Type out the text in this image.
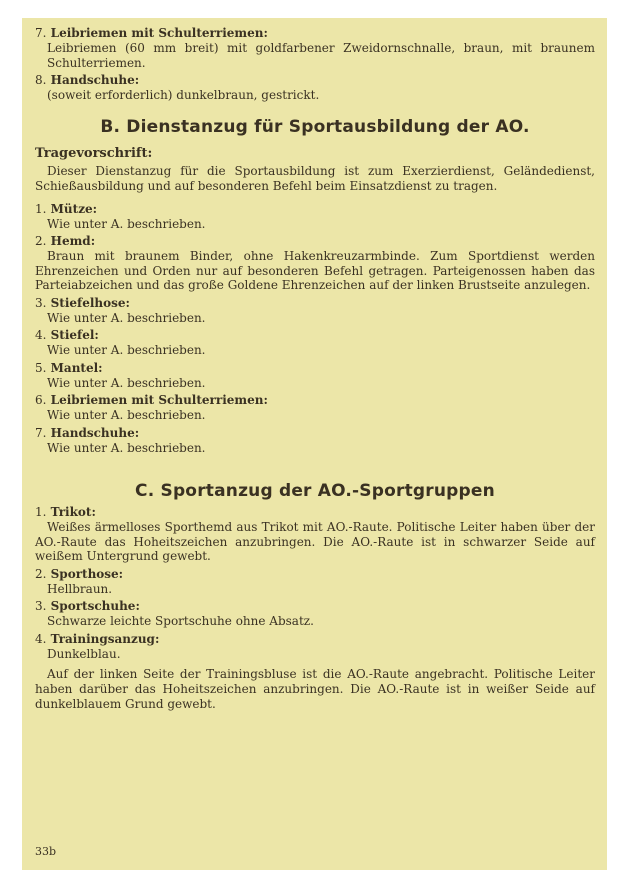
7. Leibriemen mit Schulterriemen:
Leibriemen (60 mm breit) mit goldfarbener Zweidornschnalle, braun, mit braunem Schulterriemen.
8. Handschuhe:
(soweit erforderlich) dunkelbraun, gestrickt.
B. Dienstanzug für Sportausbildung der AO.
Tragevorschrift:
Dieser Dienstanzug für die Sportausbildung ist zum Exerzierdienst, Geländedienst, Schießausbildung und auf besonderen Befehl beim Einsatzdienst zu tragen.
1. Mütze:
Wie unter A. beschrieben.
2. Hemd:
Braun mit braunem Binder, ohne Hakenkreuzarmbinde. Zum Sportdienst werden Ehrenzeichen und Orden nur auf besonderen Befehl getragen. Parteigenossen haben das Parteiabzeichen und das große Goldene Ehrenzeichen auf der linken Brustseite anzulegen.
3. Stiefelhose:
Wie unter A. beschrieben.
4. Stiefel:
Wie unter A. beschrieben.
5. Mantel:
Wie unter A. beschrieben.
6. Leibriemen mit Schulterriemen:
Wie unter A. beschrieben.
7. Handschuhe:
Wie unter A. beschrieben.
C. Sportanzug der AO.-Sportgruppen
1. Trikot:
Weißes ärmelloses Sporthemd aus Trikot mit AO.-Raute. Politische Leiter haben über der AO.-Raute das Hoheitszeichen anzubringen. Die AO.-Raute ist in schwarzer Seide auf weißem Untergrund gewebt.
2. Sporthose:
Hellbraun.
3. Sportschuhe:
Schwarze leichte Sportschuhe ohne Absatz.
4. Trainingsanzug:
Dunkelblau.
Auf der linken Seite der Trainingsbluse ist die AO.-Raute angebracht. Politische Leiter haben darüber das Hoheitszeichen anzubringen. Die AO.-Raute ist in weißer Seide auf dunkelblauem Grund gewebt.
33b
